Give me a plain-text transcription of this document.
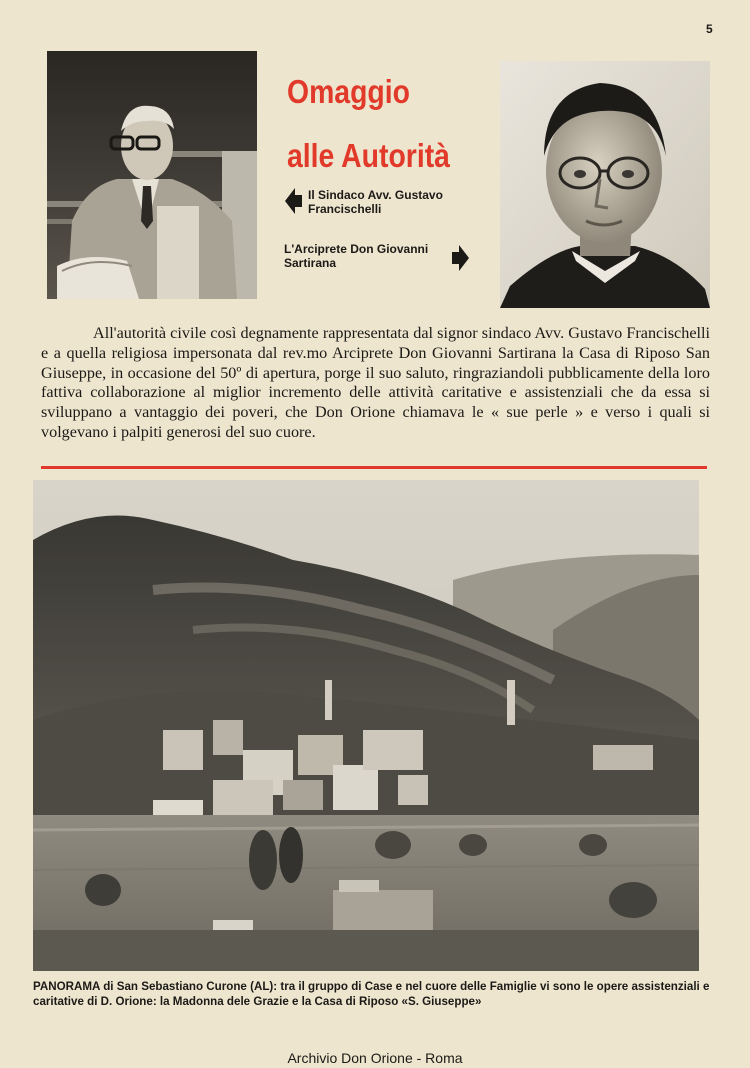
5
Omaggio
alle Autorità
Il Sindaco Avv. Gustavo Francischelli
L'Arciprete Don Giovanni Sartirana

All'autorità civile così degnamente rappresentata dal signor sindaco Avv. Gustavo Francischelli e a quella religiosa impersonata dal rev.mo Arciprete Don Giovanni Sartirana la Casa di Riposo San Giuseppe, in occasione del 50º di apertura, porge il suo saluto, ringraziandoli pubblicamente della loro fattiva collaborazione al miglior incremento delle attività caritative e assistenziali che da essa si sviluppano a vantaggio dei poveri, che Don Orione chiamava le « sue perle » e verso i quali si volgevano i palpiti generosi del suo cuore.

PANORAMA di San Sebastiano Curone (AL): tra il gruppo di Case e nel cuore delle Famiglie vi sono le opere assistenziali e caritative di D. Orione: la Madonna dele Grazie e la Casa di Riposo «S. Giuseppe»

Archivio Don Orione - Roma
